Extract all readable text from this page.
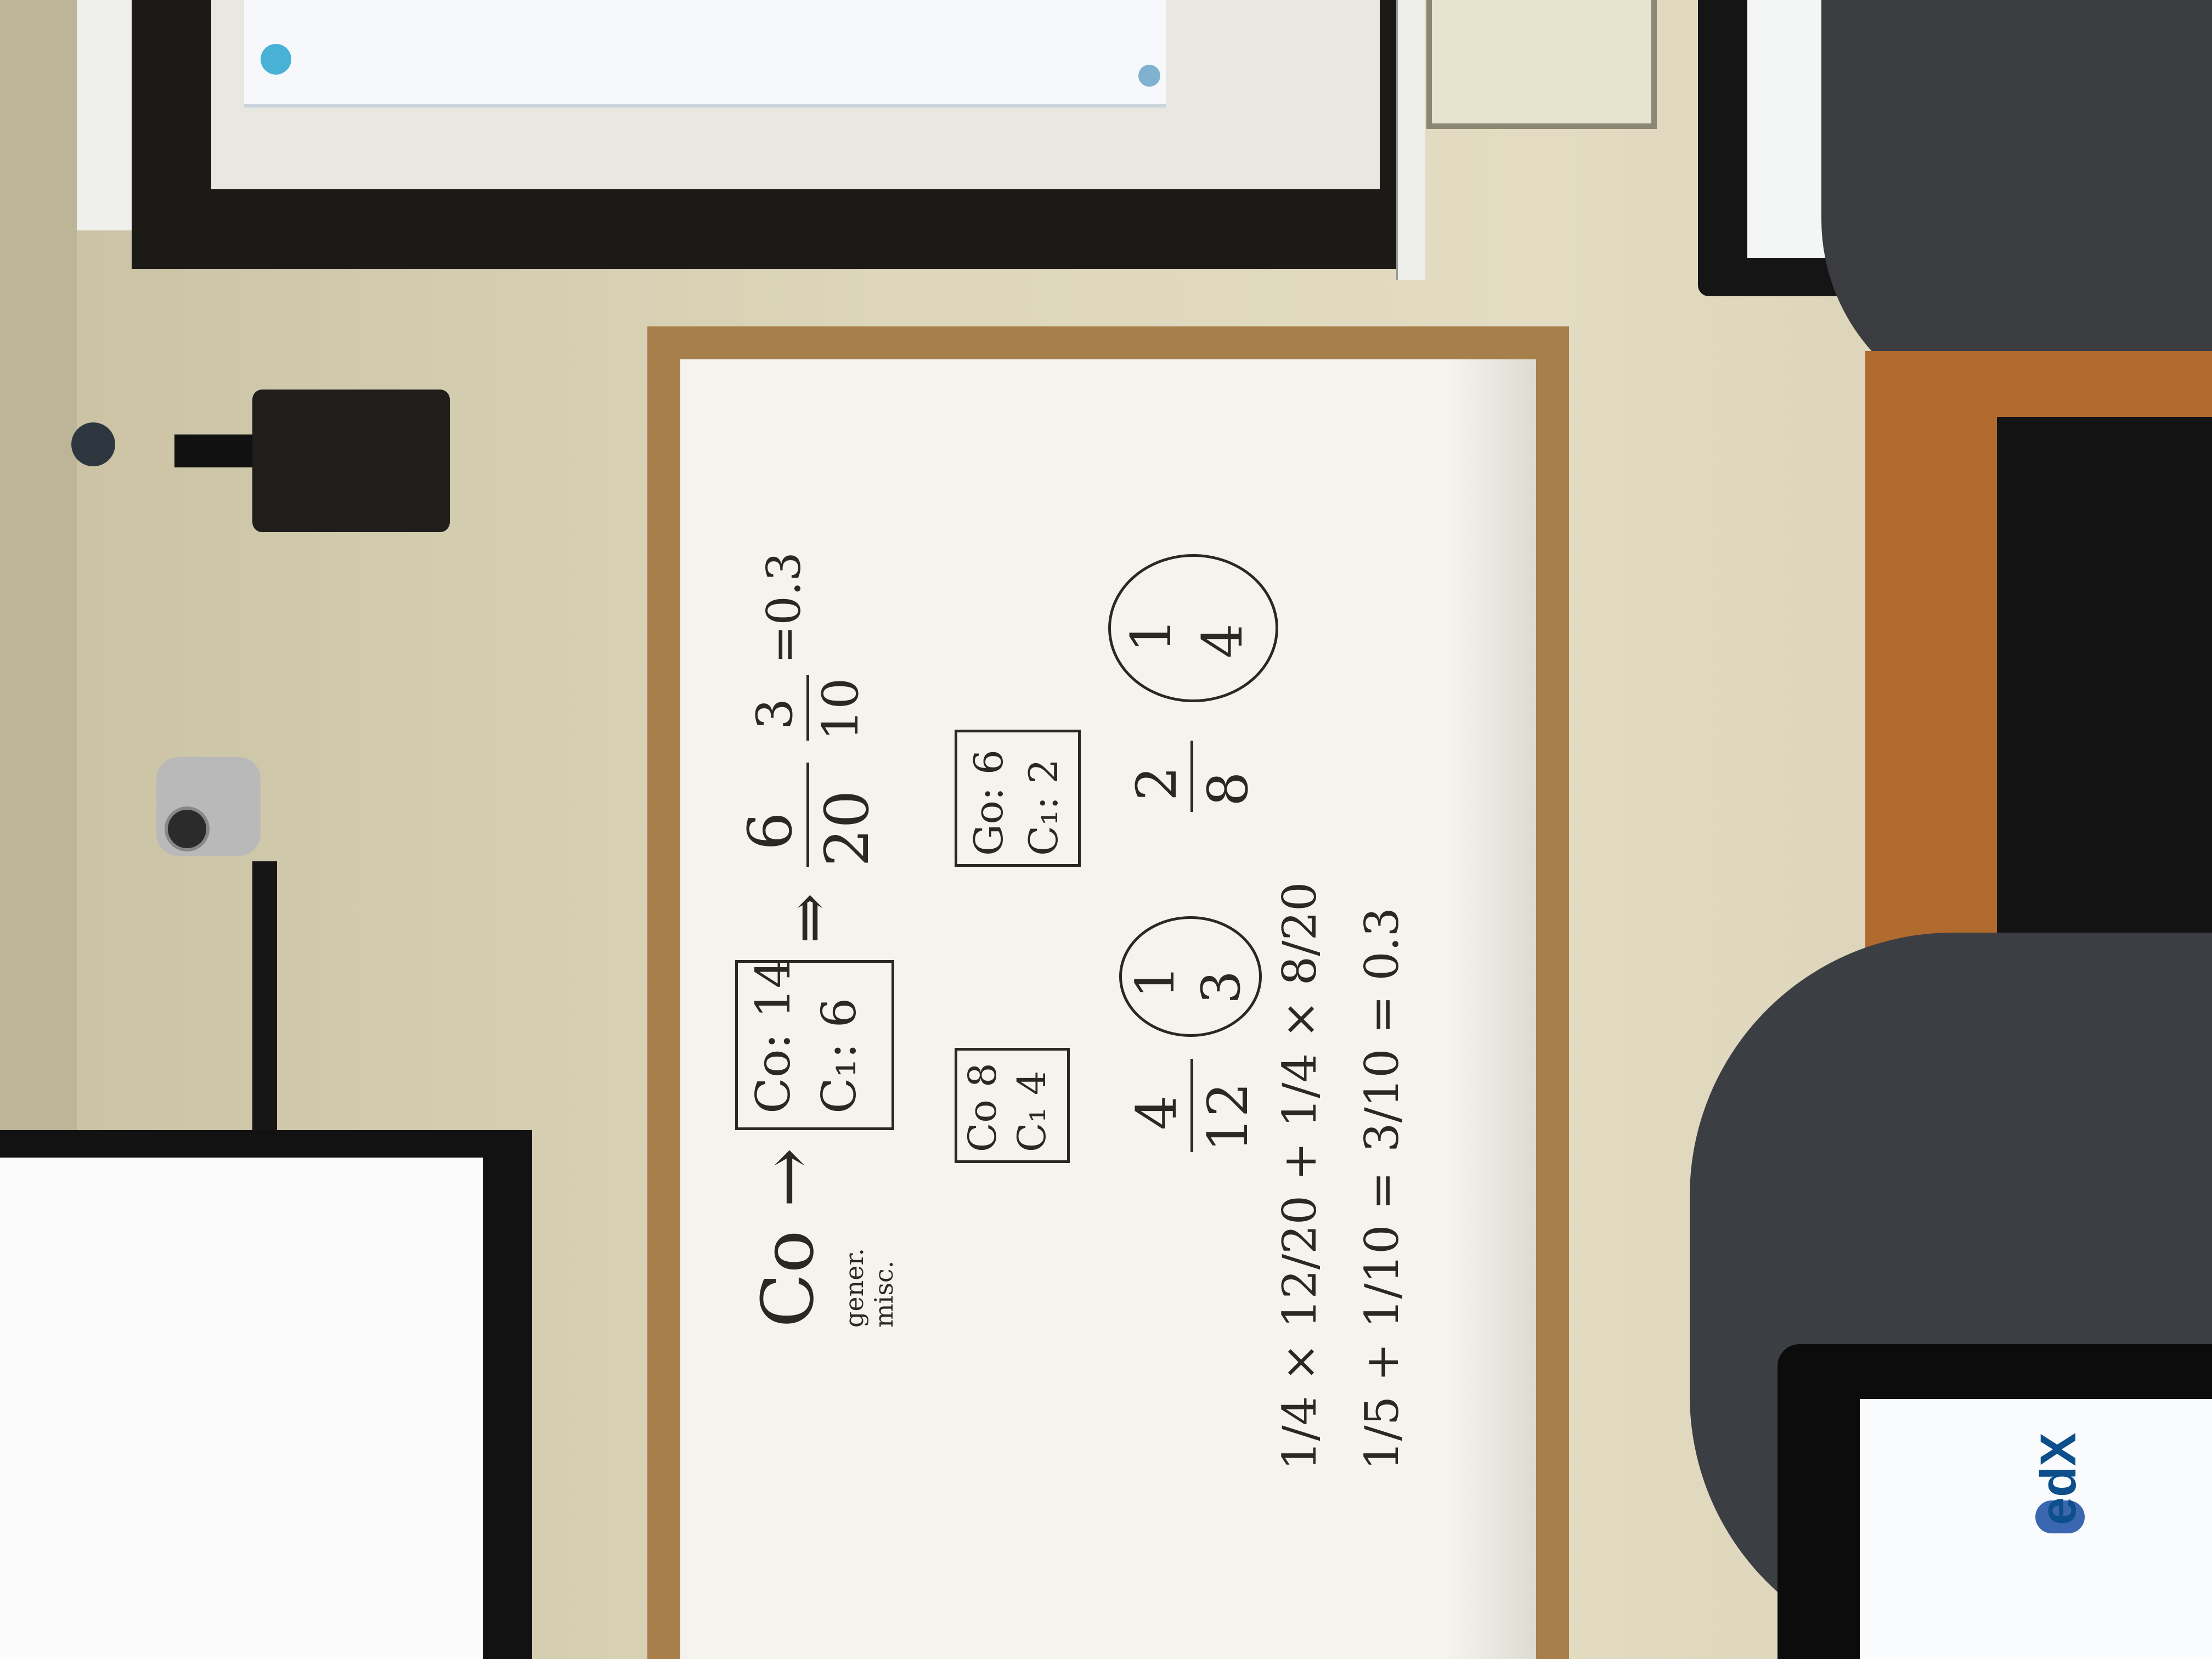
Co → gener. misc.
Co: 14 C₁: 6
⇒
6 20
3 10
=0.3
Co 8 C₁ 4
Go: 6 C₁: 2
4 12
1 3
2 8
1 4
1/4 × 12/20 + 1/4 × 8/20 1/5 + 1/10 =
3/10 = 0.3
edX
